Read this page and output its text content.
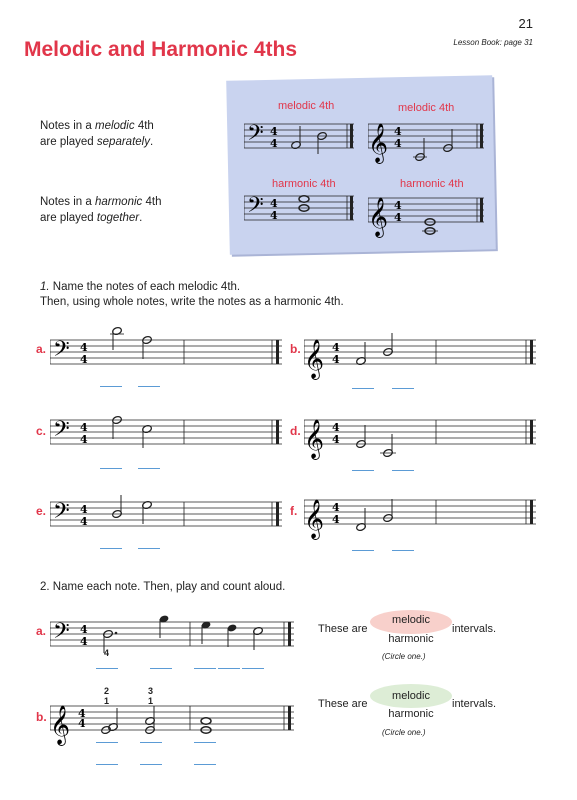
21
Lesson Book: page 31
Melodic and Harmonic 4ths
Notes in a melodic 4th
are played separately.
Notes in a harmonic 4th
are played together.
melodic 4th	melodic 4th
harmonic 4th	harmonic 4th
𝄢 4
4	𝄞 4
4
𝄢 4
4	𝄞 4
4
1. Name the notes of each melodic 4th.
Then, using whole notes, write the notes as a harmonic 4th.
a.	b.
c.	d.
e.	f.
𝄢 4
4	𝄞 4
4
𝄢 4
4	𝄞 4
4
𝄢 4
4	𝄞 4
4
2. Name each note. Then, play and count aloud.
a. 𝄢 4
4
4
These are
melodic
harmonic
intervals.
(Circle one.)
b.
2
1
3
1
𝄞 4
4
These are
melodic
harmonic
intervals.
(Circle one.)
